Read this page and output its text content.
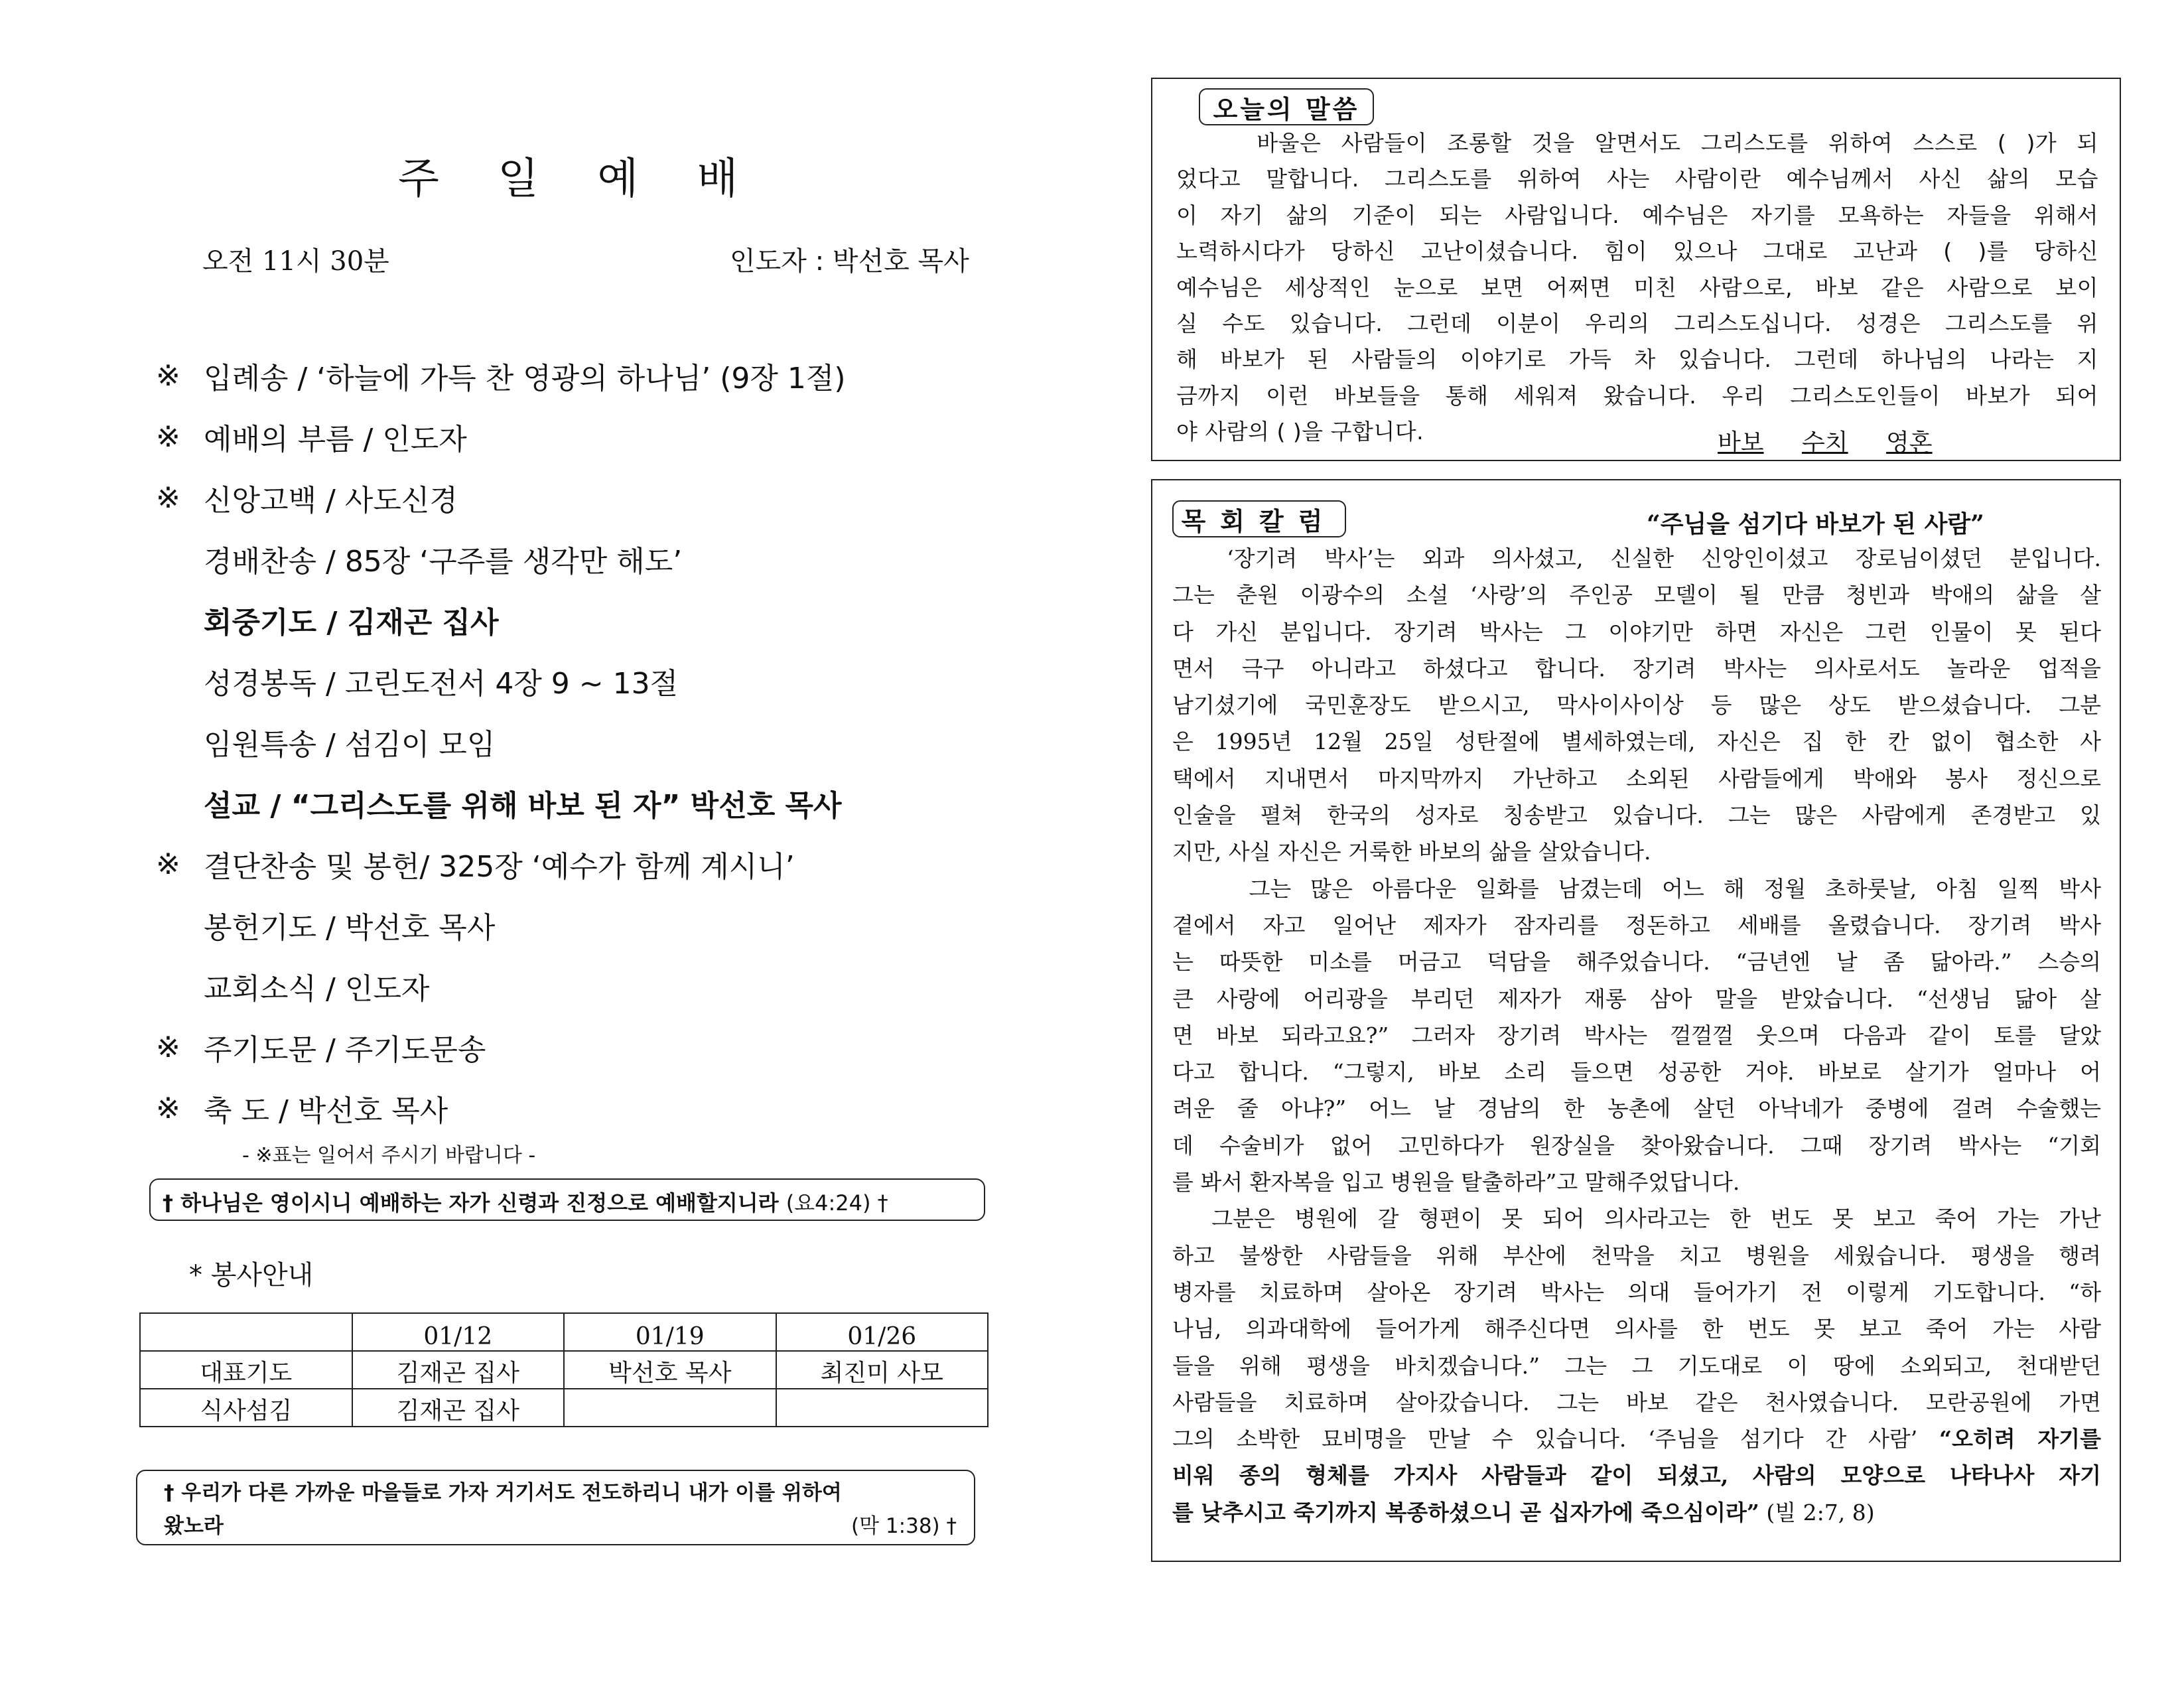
주 일 예 배
오전 11시 30분	인도자 : 박선호 목사
※ 입례송 / ‘하늘에 가득 찬 영광의 하나님’ (9장 1절)
※ 예배의 부름 / 인도자
※ 신앙고백 / 사도신경
경배찬송 / 85장 ‘구주를 생각만 해도’
회중기도 / 김재곤 집사
성경봉독 / 고린도전서 4장 9 ~ 13절
임원특송 / 섬김이 모임
설교 / “그리스도를 위해 바보 된 자” 박선호 목사
※ 결단찬송 및 봉헌/ 325장 ‘예수가 함께 계시니’
봉헌기도 / 박선호 목사
교회소식 / 인도자
※ 주기도문 / 주기도문송
※ 축 도 / 박선호 목사
- ※표는 일어서 주시기 바랍니다 -
† 하나님은 영이시니 예배하는 자가 신령과 진정으로 예배할지니라 (요4:24) †
* 봉사안내
	01/12	01/19	01/26
대표기도	김재곤 집사	박선호 목사	최진미 사모
식사섬김	김재곤 집사		
† 우리가 다른 가까운 마을들로 가자 거기서도 전도하리니 내가 이를 위하여
왔노라	(막 1:38) †
오늘의 말씀
바울은 사람들이 조롱할 것을 알면서도 그리스도를 위하여 스스로 ( )가 되
었다고 말합니다. 그리스도를 위하여 사는 사람이란 예수님께서 사신 삶의 모습
이 자기 삶의 기준이 되는 사람입니다. 예수님은 자기를 모욕하는 자들을 위해서
노력하시다가 당하신 고난이셨습니다. 힘이 있으나 그대로 고난과 ( )를 당하신
예수님은 세상적인 눈으로 보면 어쩌면 미친 사람으로, 바보 같은 사람으로 보이
실 수도 있습니다. 그런데 이분이 우리의 그리스도십니다. 성경은 그리스도를 위
해 바보가 된 사람들의 이야기로 가득 차 있습니다. 그런데 하나님의 나라는 지
금까지 이런 바보들을 통해 세워져 왔습니다. 우리 그리스도인들이 바보가 되어
야 사람의 ( )을 구합니다.	바보 수치 영혼
목회칼럼	“주님을 섬기다 바보가 된 사람”
‘장기려 박사’는 외과 의사셨고, 신실한 신앙인이셨고 장로님이셨던 분입니다.
그는 춘원 이광수의 소설 ‘사랑’의 주인공 모델이 될 만큼 청빈과 박애의 삶을 살
다 가신 분입니다. 장기려 박사는 그 이야기만 하면 자신은 그런 인물이 못 된다
면서 극구 아니라고 하셨다고 합니다. 장기려 박사는 의사로서도 놀라운 업적을
남기셨기에 국민훈장도 받으시고, 막사이사이상 등 많은 상도 받으셨습니다. 그분
은 1995년 12월 25일 성탄절에 별세하였는데, 자신은 집 한 칸 없이 협소한 사
택에서 지내면서 마지막까지 가난하고 소외된 사람들에게 박애와 봉사 정신으로
인술을 펼쳐 한국의 성자로 칭송받고 있습니다. 그는 많은 사람에게 존경받고 있
지만, 사실 자신은 거룩한 바보의 삶을 살았습니다.
그는 많은 아름다운 일화를 남겼는데 어느 해 정월 초하룻날, 아침 일찍 박사
곁에서 자고 일어난 제자가 잠자리를 정돈하고 세배를 올렸습니다. 장기려 박사
는 따뜻한 미소를 머금고 덕담을 해주었습니다. “금년엔 날 좀 닮아라.” 스승의
큰 사랑에 어리광을 부리던 제자가 재롱 삼아 말을 받았습니다. “선생님 닮아 살
면 바보 되라고요?” 그러자 장기려 박사는 껄껄껄 웃으며 다음과 같이 토를 달았
다고 합니다. “그렇지, 바보 소리 들으면 성공한 거야. 바보로 살기가 얼마나 어
려운 줄 아냐?” 어느 날 경남의 한 농촌에 살던 아낙네가 중병에 걸려 수술했는
데 수술비가 없어 고민하다가 원장실을 찾아왔습니다. 그때 장기려 박사는 “기회
를 봐서 환자복을 입고 병원을 탈출하라”고 말해주었답니다.
그분은 병원에 갈 형편이 못 되어 의사라고는 한 번도 못 보고 죽어 가는 가난
하고 불쌍한 사람들을 위해 부산에 천막을 치고 병원을 세웠습니다. 평생을 행려
병자를 치료하며 살아온 장기려 박사는 의대 들어가기 전 이렇게 기도합니다. “하
나님, 의과대학에 들어가게 해주신다면 의사를 한 번도 못 보고 죽어 가는 사람
들을 위해 평생을 바치겠습니다.” 그는 그 기도대로 이 땅에 소외되고, 천대받던
사람들을 치료하며 살아갔습니다. 그는 바보 같은 천사였습니다. 모란공원에 가면
그의 소박한 묘비명을 만날 수 있습니다. ‘주님을 섬기다 간 사람’ “오히려 자기를
비워 종의 형체를 가지사 사람들과 같이 되셨고, 사람의 모양으로 나타나사 자기
를 낮추시고 죽기까지 복종하셨으니 곧 십자가에 죽으심이라” (빌 2:7, 8)
